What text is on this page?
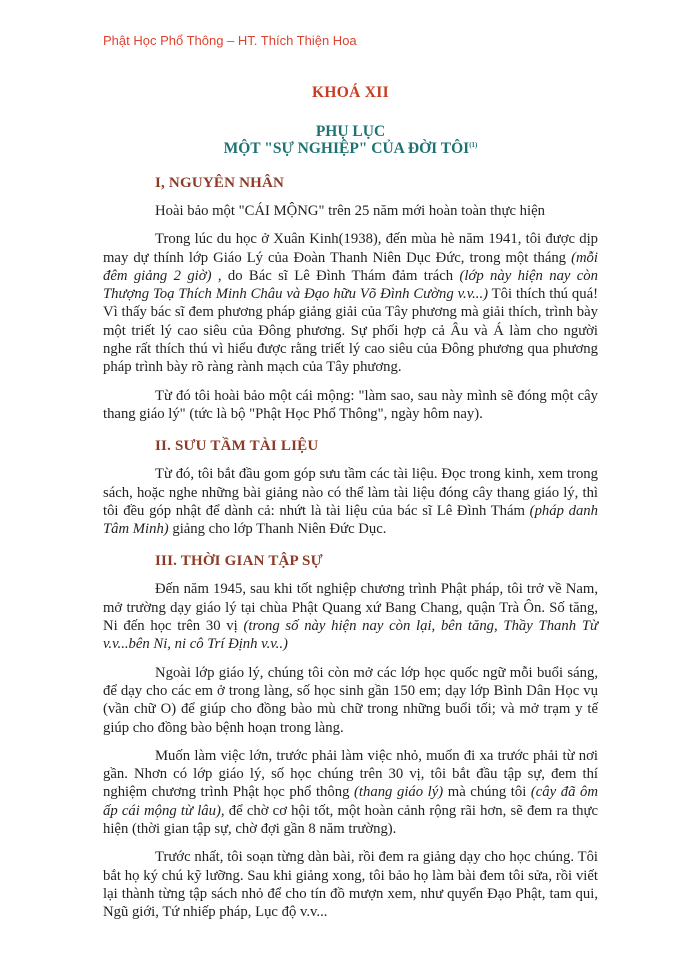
Phật Học Phổ Thông – HT. Thích Thiện Hoa

KHOÁ XII

PHỤ LỤC
MỘT "SỰ NGHIỆP" CỦA ĐỜI TÔI$^{(1)}$

I, NGUYÊN NHÂN

Hoài bảo một "CÁI MỘNG" trên 25 năm mới hoàn toàn thực hiện

Trong lúc du học ở Xuân Kinh(1938), đến mùa hè năm 1941, tôi được dịp may dự thính lớp Giáo Lý của Đoàn Thanh Niên Dục Đức, trong một tháng (mỗi đêm giảng 2 giờ) , do Bác sĩ Lê Đình Thám đảm trách (lớp này hiện nay còn Thượng Toạ Thích Minh Châu và Đạo hữu Võ Đình Cường v.v...) Tôi thích thú quá! Vì thấy bác sĩ đem phương pháp giảng giải của Tây phương mà giải thích, trình bày một triết lý cao siêu của Đông phương. Sự phối hợp cả Âu và Á làm cho người nghe rất thích thú vì hiểu được rằng triết lý cao siêu của Đông phương qua phương pháp trình bày rõ ràng rành mạch của Tây phương.

Từ đó tôi hoài bảo một cái mộng: "làm sao, sau này mình sẽ đóng một cây thang giáo lý" (tức là bộ "Phật Học Phổ Thông", ngày hôm nay).

II. SƯU TẦM TÀI LIỆU

Từ đó, tôi bắt đầu gom góp sưu tầm các tài liệu. Đọc trong kinh, xem trong sách, hoặc nghe những bài giảng nào có thể làm tài liệu đóng cây thang giáo lý, thì tôi đều góp nhật để dành cả: nhứt là tài liệu của bác sĩ Lê Đình Thám (pháp danh Tâm Minh) giảng cho lớp Thanh Niên Đức Dục.

III. THỜI GIAN TẬP SỰ

Đến năm 1945, sau khi tốt nghiệp chương trình Phật pháp, tôi trở về Nam, mở trường dạy giáo lý tại chùa Phật Quang xứ Bang Chang, quận Trà Ôn. Số tăng, Ni đến học trên 30 vị (trong số này hiện nay còn lại, bên tăng, Thầy Thanh Từ v.v...bên Ni, ni cô Trí Định v.v..)

Ngoài lớp giáo lý, chúng tôi còn mở các lớp học quốc ngữ mỗi buổi sáng, để dạy cho các em ở trong làng, số học sinh gần 150 em; dạy lớp Bình Dân Học vụ (vần chữ O) để giúp cho đồng bào mù chữ trong những buổi tối; và mở trạm y tế giúp cho đồng bào bệnh hoạn trong làng.

Muốn làm việc lớn, trước phải làm việc nhỏ, muốn đi xa trước phải từ nơi gần. Nhơn có lớp giáo lý, số học chúng trên 30 vị, tôi bắt đầu tập sự, đem thí nghiệm chương trình Phật học phổ thông (thang giáo lý) mà chúng tôi (cây đã ôm ấp cái mộng từ lâu), để chờ cơ hội tốt, một hoàn cảnh rộng rãi hơn, sẽ đem ra thực hiện (thời gian tập sự, chờ đợi gần 8 năm trường).

Trước nhất, tôi soạn từng dàn bài, rồi đem ra giảng dạy cho học chúng. Tôi bắt họ ký chú kỹ lưỡng. Sau khi giảng xong, tôi bảo họ làm bài đem tôi sửa, rồi viết lại thành từng tập sách nhỏ để cho tín đồ mượn xem, như quyển Đạo Phật, tam qui, Ngũ giới, Tứ nhiếp pháp, Lục độ v.v...
